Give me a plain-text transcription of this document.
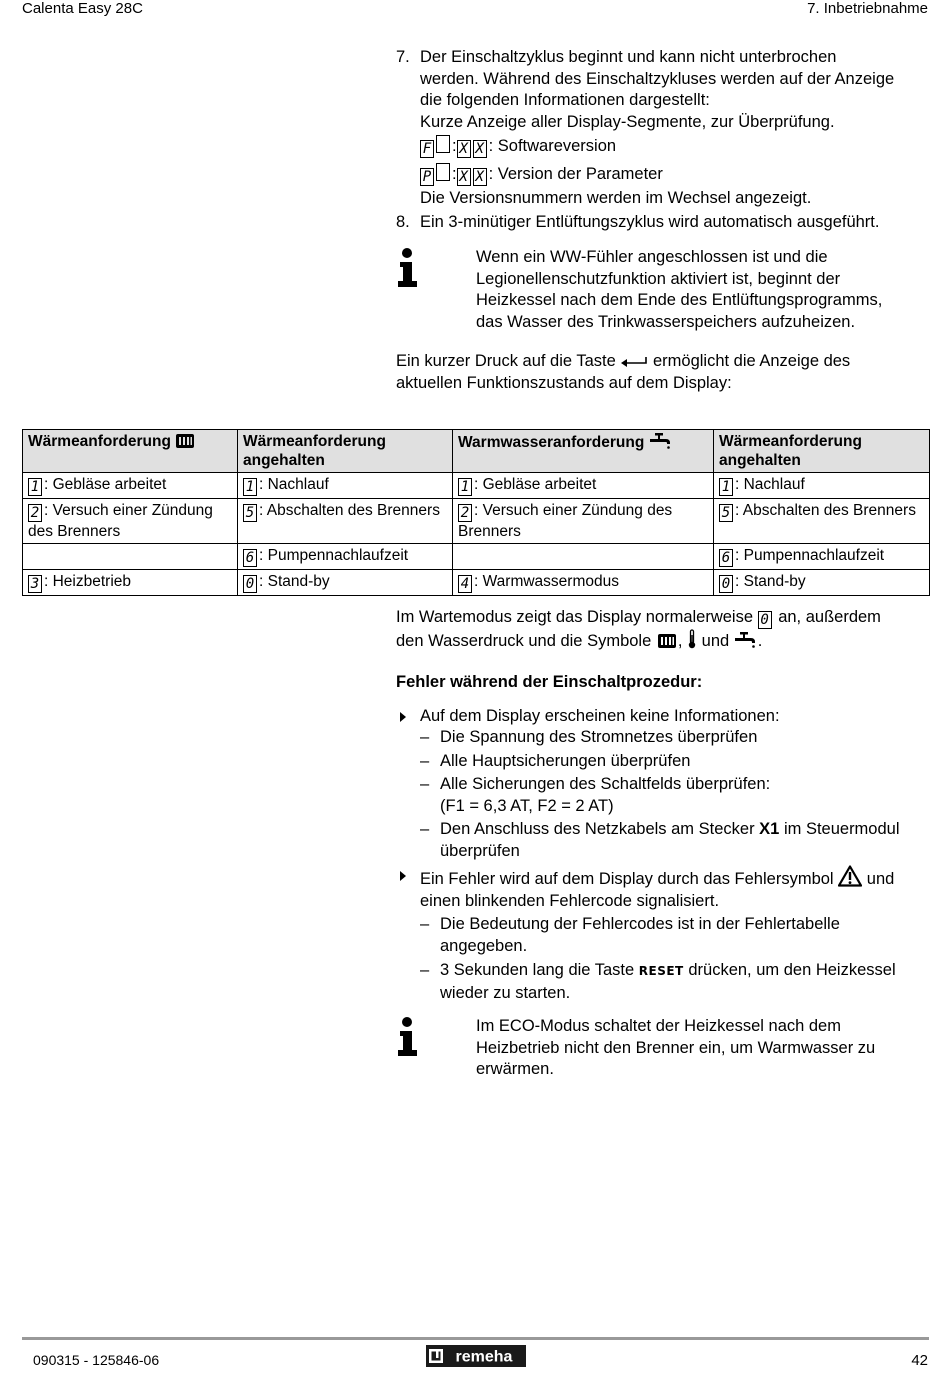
Calenta Easy 28C	7. Inbetriebnahme
7. Der Einschaltzyklus beginnt und kann nicht unterbrochen
werden. Während des Einschaltzykluses werden auf der Anzeige
die folgenden Informationen dargestellt:
Kurze Anzeige aller Display-Segmente, zur Überprüfung.
F : X X : Softwareversion
P : X X : Version der Parameter
Die Versionsnummern werden im Wechsel angezeigt.
8. Ein 3-minütiger Entlüftungszyklus wird automatisch ausgeführt.
Wenn ein WW-Fühler angeschlossen ist und die
Legionellenschutzfunktion aktiviert ist, beginnt der
Heizkessel nach dem Ende des Entlüftungsprogramms,
das Wasser des Trinkwasserspeichers aufzuheizen.
Ein kurzer Druck auf die Taste ermöglicht die Anzeige des
aktuellen Funktionszustands auf dem Display:
Wärmeanforderung	Wärmeanforderung angehalten	Warmwasseranforderung	Wärmeanforderung angehalten
1 : Gebläse arbeitet	1 : Nachlauf	1 : Gebläse arbeitet	1 : Nachlauf
2 : Versuch einer Zündung des Brenners	5 : Abschalten des Brenners	2 : Versuch einer Zündung des Brenners	5 : Abschalten des Brenners
	6 : Pumpennachlaufzeit		6 : Pumpennachlaufzeit
3 : Heizbetrieb	0 : Stand-by	4 : Warmwassermodus	0 : Stand-by
Im Wartemodus zeigt das Display normalerweise 0 an, außerdem
den Wasserdruck und die Symbole , und .
Fehler während der Einschaltprozedur:
Auf dem Display erscheinen keine Informationen:
– Die Spannung des Stromnetzes überprüfen
– Alle Hauptsicherungen überprüfen
– Alle Sicherungen des Schaltfelds überprüfen:
(F1 = 6,3 AT, F2 = 2 AT)
– Den Anschluss des Netzkabels am Stecker X1 im Steuermodul
überprüfen
Ein Fehler wird auf dem Display durch das Fehlersymbol und
einen blinkenden Fehlercode signalisiert.
– Die Bedeutung der Fehlercodes ist in der Fehlertabelle
angegeben.
– 3 Sekunden lang die Taste RESET drücken, um den Heizkessel
wieder zu starten.
Im ECO-Modus schaltet der Heizkessel nach dem
Heizbetrieb nicht den Brenner ein, um Warmwasser zu
erwärmen.
090315 - 125846-06	remeha	42
